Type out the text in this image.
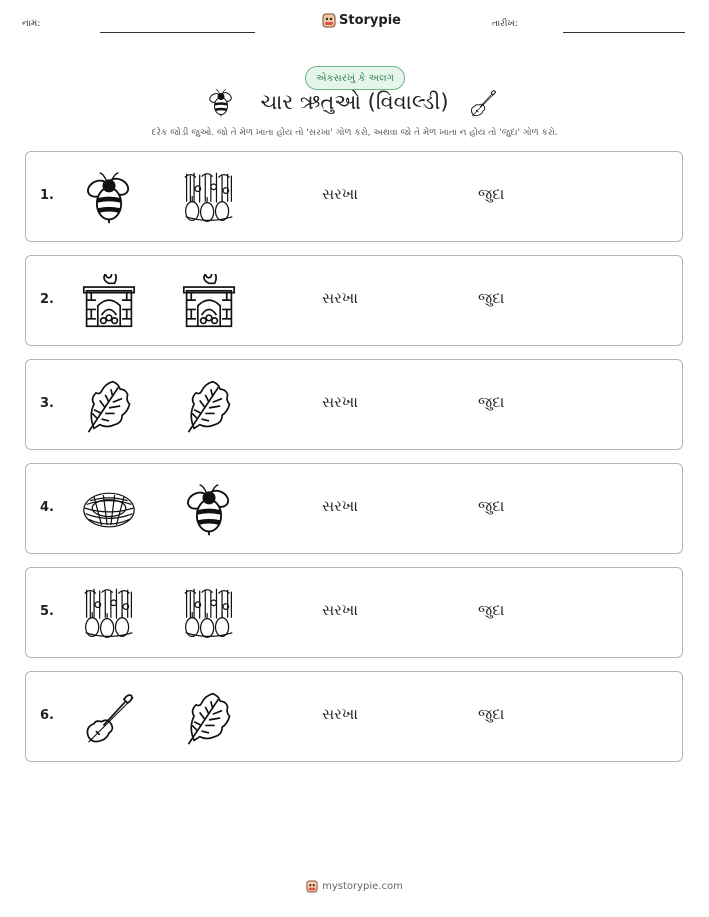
નામ:	Storypie	તારીખ:
એકસરખું કે અલગ
ચાર ઋતુઓ (વિવાલ્ડી)
દરેક જોડી જુઓ. જો તે મેળ ખાતા હોય તો 'સરખા' ગોળ કરો, અથવા જો તે મેળ ખાતા ન હોય તો 'જુદા' ગોળ કરો.
1.	સરખા	જુદા
2.	સરખા	જુદા
3.	સરખા	જુદા
4.	સરખા	જુદા
5.	સરખા	જુદા
6.	સરખા	જુદા
mystorypie.com
